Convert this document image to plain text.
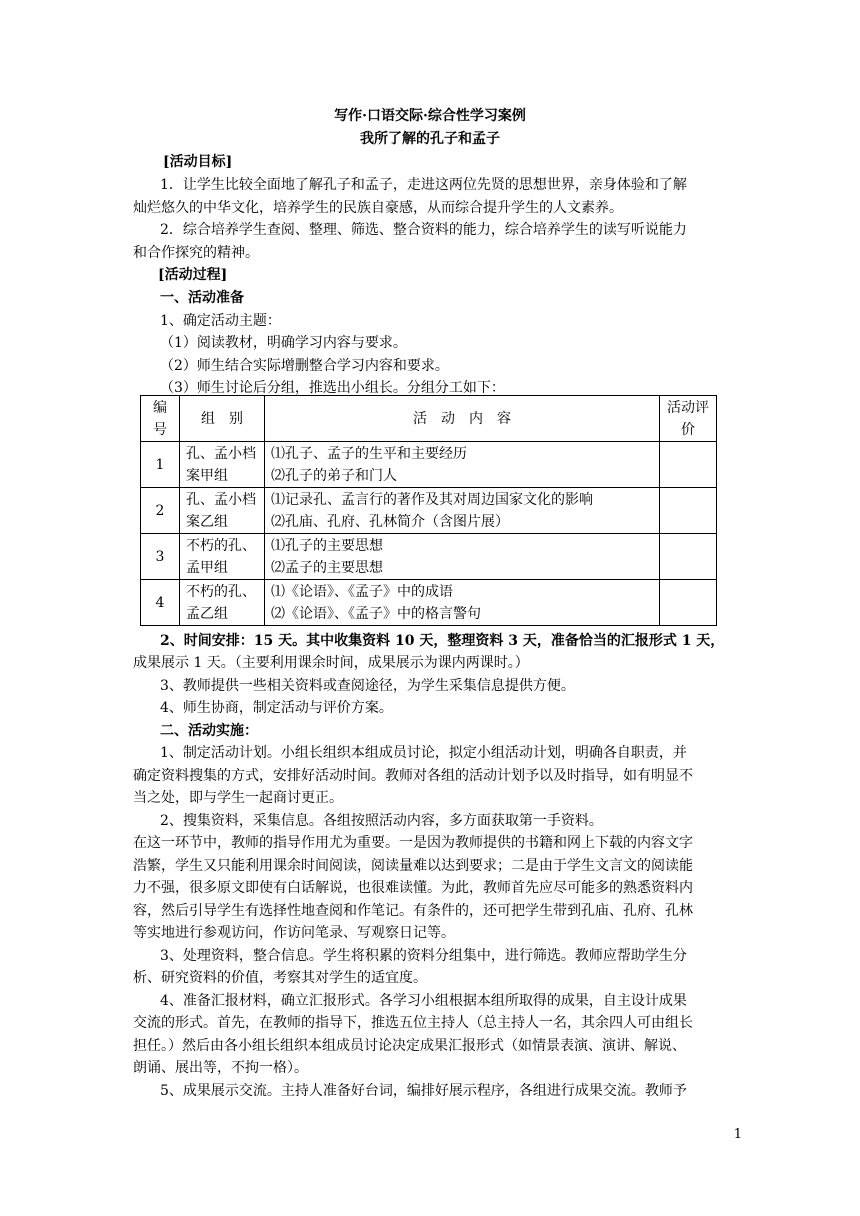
写作·口语交际·综合性学习案例
我所了解的孔子和孟子
[活动目标]
1．让学生比较全面地了解孔子和孟子，走进这两位先贤的思想世界，亲身体验和了解
灿烂悠久的中华文化，培养学生的民族自豪感，从而综合提升学生的人文素养。
2．综合培养学生查阅、整理、筛选、整合资料的能力，综合培养学生的读写听说能力
和合作探究的精神。
[活动过程]
一、活动准备
1、确定活动主题：
（1）阅读教材，明确学习内容与要求。
（2）师生结合实际增删整合学习内容和要求。
（3）师生讨论后分组，推选出小组长。分组分工如下：
编号	组　别	活　动　内　容	活动评价
1	孔、孟小档案甲组	⑴孔子、孟子的生平和主要经历
⑵孔子的弟子和门人	

2	孔、孟小档案乙组	⑴记录孔、孟言行的著作及其对周边国家文化的影响
⑵孔庙、孔府、孔林简介（含图片展）	

3	不朽的孔、孟甲组	⑴孔子的主要思想
⑵孟子的主要思想	

4	不朽的孔、孟乙组	⑴《论语》、《孟子》中的成语
⑵《论语》、《孟子》中的格言警句	

2、时间安排：15 天。其中收集资料 10 天，整理资料 3 天，准备恰当的汇报形式 1 天，
成果展示 1 天。（主要利用课余时间，成果展示为课内两课时。）
3、教师提供一些相关资料或查阅途径，为学生采集信息提供方便。
4、师生协商，制定活动与评价方案。
二、活动实施：
1、制定活动计划。小组长组织本组成员讨论，拟定小组活动计划，明确各自职责，并
确定资料搜集的方式，安排好活动时间。教师对各组的活动计划予以及时指导，如有明显不
当之处，即与学生一起商讨更正。
2、搜集资料，采集信息。各组按照活动内容，多方面获取第一手资料。
在这一环节中，教师的指导作用尤为重要。一是因为教师提供的书籍和网上下载的内容文字
浩繁，学生又只能利用课余时间阅读，阅读量难以达到要求；二是由于学生文言文的阅读能
力不强，很多原文即使有白话解说，也很难读懂。为此，教师首先应尽可能多的熟悉资料内
容，然后引导学生有选择性地查阅和作笔记。有条件的，还可把学生带到孔庙、孔府、孔林
等实地进行参观访问，作访问笔录、写观察日记等。
3、处理资料，整合信息。学生将积累的资料分组集中，进行筛选。教师应帮助学生分
析、研究资料的价值，考察其对学生的适宜度。
4、准备汇报材料，确立汇报形式。各学习小组根据本组所取得的成果，自主设计成果
交流的形式。首先，在教师的指导下，推选五位主持人（总主持人一名，其余四人可由组长
担任。）然后由各小组长组织本组成员讨论决定成果汇报形式（如情景表演、演讲、解说、
朗诵、展出等，不拘一格）。
5、成果展示交流。主持人准备好台词，编排好展示程序，各组进行成果交流。教师予
1
